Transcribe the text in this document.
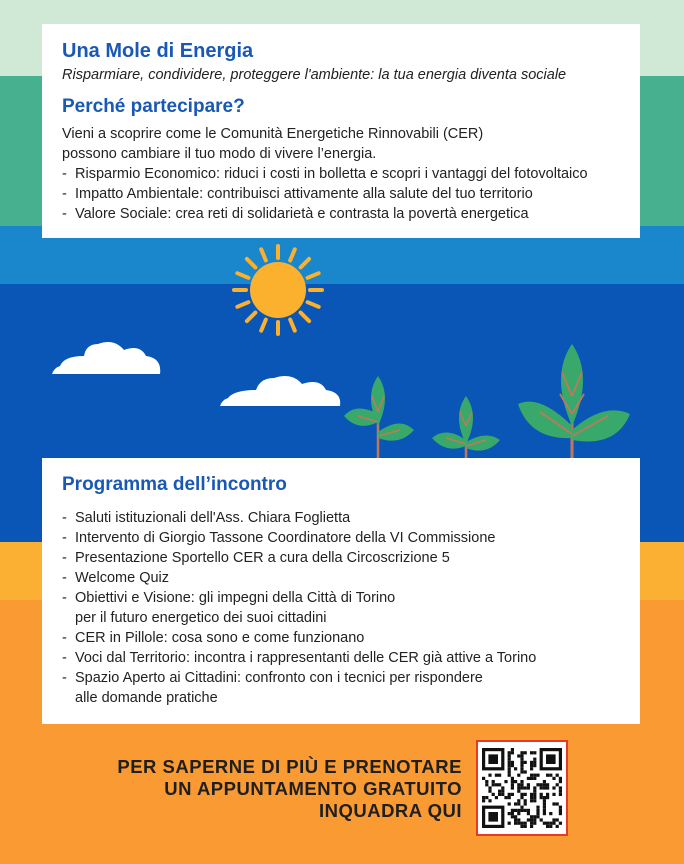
Una Mole di Energia

Risparmiare, condividere, proteggere l'ambiente: la tua energia diventa sociale

Perché partecipare?

Vieni a scoprire come le Comunità Energetiche Rinnovabili (CER)

possono cambiare il tuo modo di vivere l’energia.

- Risparmio Economico: riduci i costi in bolletta e scopri i vantaggi del fotovoltaico
- Impatto Ambientale: contribuisci attivamente alla salute del tuo territorio
- Valore Sociale: crea reti di solidarietà e contrasta la povertà energetica

Programma dell’incontro

- Saluti istituzionali dell'Ass. Chiara Foglietta
- Intervento di Giorgio Tassone Coordinatore della VI Commissione
- Presentazione Sportello CER a cura della Circoscrizione 5
- Welcome Quiz
- Obiettivi e Visione: gli impegni della Città di Torino
per il futuro energetico dei suoi cittadini
- CER in Pillole: cosa sono e come funzionano
- Voci dal Territorio: incontra i rappresentanti delle CER già attive a Torino
- Spazio Aperto ai Cittadini: confronto con i tecnici per rispondere
alle domande pratiche
PER SAPERNE DI PIÙ E PRENOTARE
UN APPUNTAMENTO GRATUITO
INQUADRA QUI
